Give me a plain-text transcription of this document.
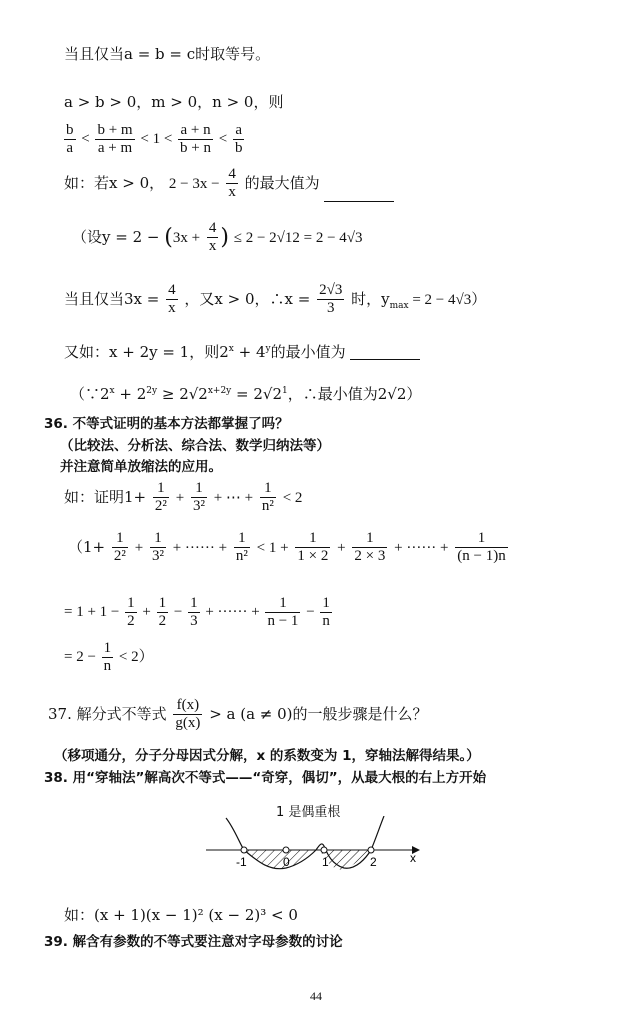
当且仅当a = b = c时取等号。
a > b > 0，m > 0，n > 0，则
$\frac{b}{a} < \frac{b + m}{a + m} < 1 < \frac{a + n}{b + n} < \frac{a}{b}$
如：若x > 0， $2 - 3x - \frac{4}{x}$ 的最大值为
（设$y = 2 - (3x + \frac{4}{x}$ ) ≤ 2 − 2√12 = 2 − 4√3
当且仅当$3x = \frac{4}{x}$ ，又x > 0，∴x = $\frac{2√3}{3}$ 时，$y_{max} = 2 - 4√3$）
又如：x + 2y = 1，则$2^x + 4^y$的最小值为
（$\because 2^x + 2^{2y} \ge 2√2^{x+2y} = 2√2^1$，∴最小值为2√2）
36. 不等式证明的基本方法都掌握了吗？
（比较法、分析法、综合法、数学归纳法等）
并注意简单放缩法的应用。
如：证明$1+ \frac{1}{\text{2²}} + \frac{1}{\text{3²}}$ + ⋯ + $\frac{1}{\text{n²}} < 2$
（$1+ \frac{1}{\text{2²}} + \frac{1}{\text{3²}}$ + ······ + $\frac{1}{\text{n²}} < 1 + \frac{1}{1 \times 2} + \frac{1}{2 \times 3}$ + ······ + $\frac{1}{(n - 1)n}$
= $1 + 1 - \frac{1}{2} + \frac{1}{2} - \frac{1}{3}$ + ······ + $\frac{1}{n - 1} - \frac{1}{n}$
= $2 - \frac{1}{n} < 2$）
37. 解分式不等式 $\frac{f(x)}{g(x)} > a$ (a ≠ 0)的一般步骤是什么？
（移项通分，分子分母因式分解，x 的系数变为 1，穿轴法解得结果。）
38. 用“穿轴法”解高次不等式——“奇穿，偶切”，从最大根的右上方开始
1 是偶重根
-1	0	1	2	x
如：(x + 1)(x − 1)² (x − 2)³ < 0
39. 解含有参数的不等式要注意对字母参数的讨论
44
